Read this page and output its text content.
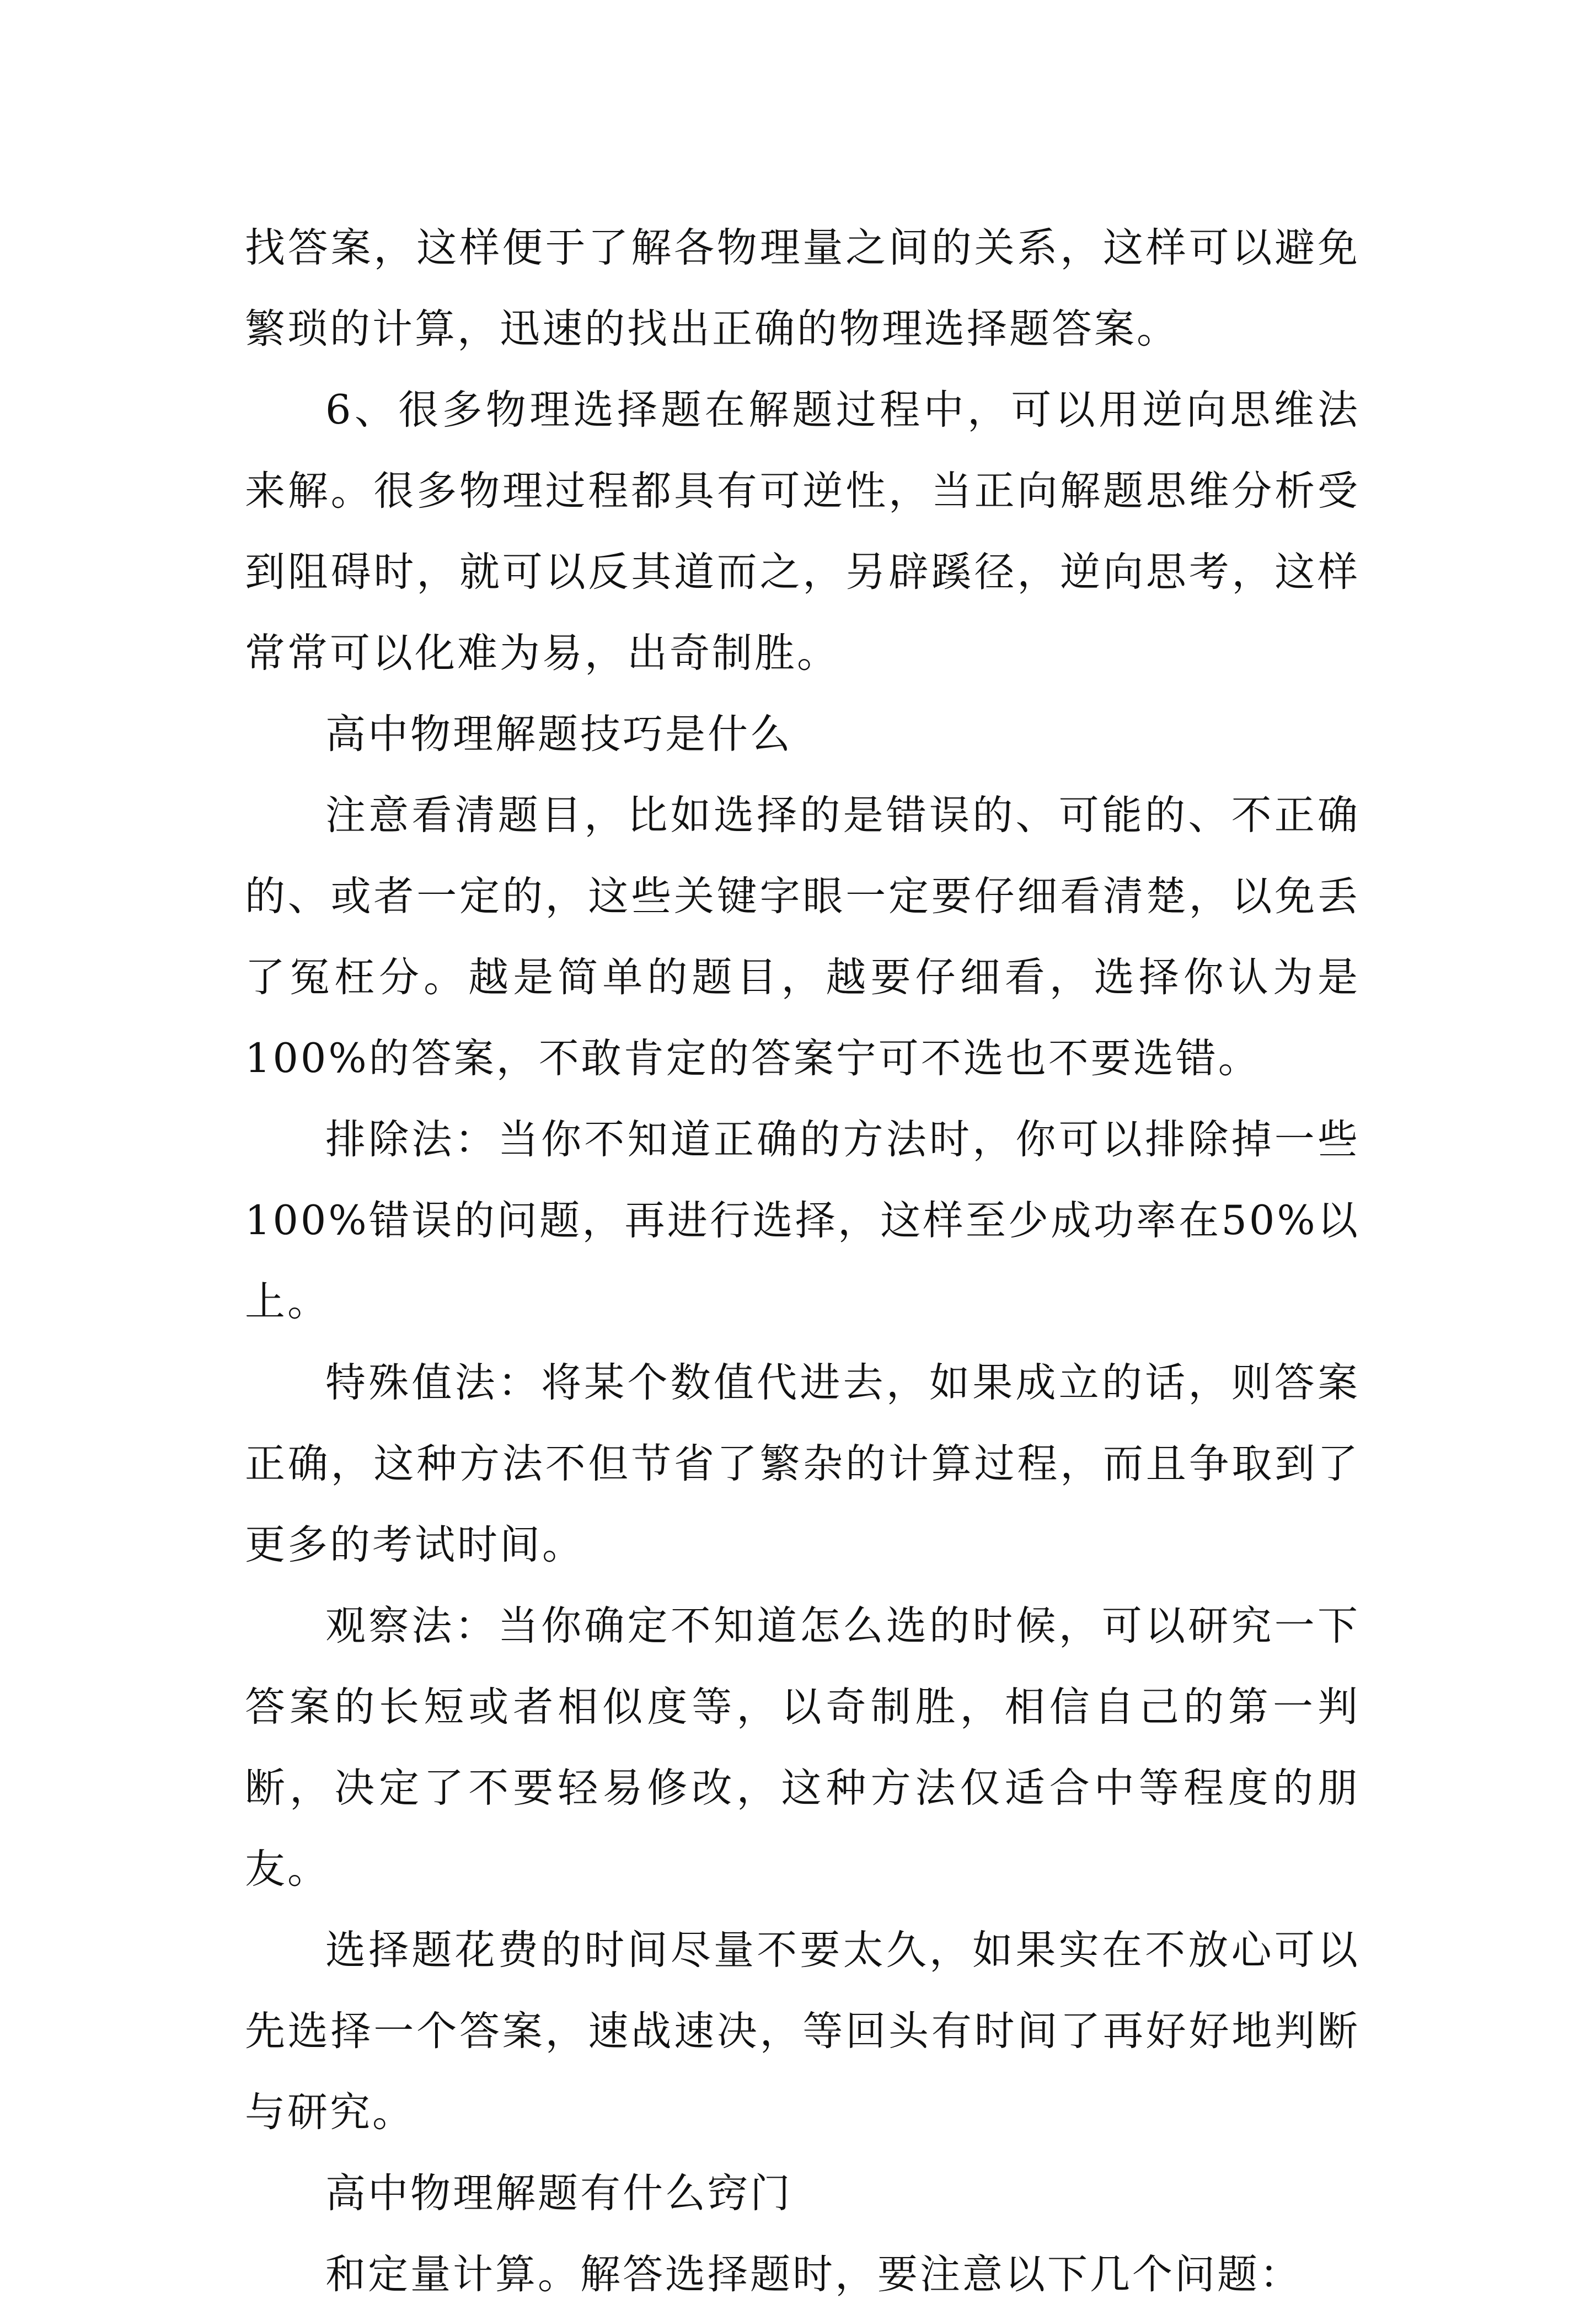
找答案，这样便于了解各物理量之间的关系，这样可以避免繁琐的计算，迅速的找出正确的物理选择题答案。

6、很多物理选择题在解题过程中，可以用逆向思维法来解。很多物理过程都具有可逆性，当正向解题思维分析受到阻碍时，就可以反其道而之，另辟蹊径，逆向思考，这样常常可以化难为易，出奇制胜。

高中物理解题技巧是什么

注意看清题目，比如选择的是错误的、可能的、不正确的、或者一定的，这些关键字眼一定要仔细看清楚，以免丢了冤枉分。越是简单的题目，越要仔细看，选择你认为是100%的答案，不敢肯定的答案宁可不选也不要选错。

排除法：当你不知道正确的方法时，你可以排除掉一些100%错误的问题，再进行选择，这样至少成功率在50%以上。

特殊值法：将某个数值代进去，如果成立的话，则答案正确，这种方法不但节省了繁杂的计算过程，而且争取到了更多的考试时间。

观察法：当你确定不知道怎么选的时候，可以研究一下答案的长短或者相似度等，以奇制胜，相信自己的第一判断，决定了不要轻易修改，这种方法仅适合中等程度的朋友。

选择题花费的时间尽量不要太久，如果实在不放心可以先选择一个答案，速战速决，等回头有时间了再好好地判断与研究。

高中物理解题有什么窍门

和定量计算。解答选择题时，要注意以下几个问题：
